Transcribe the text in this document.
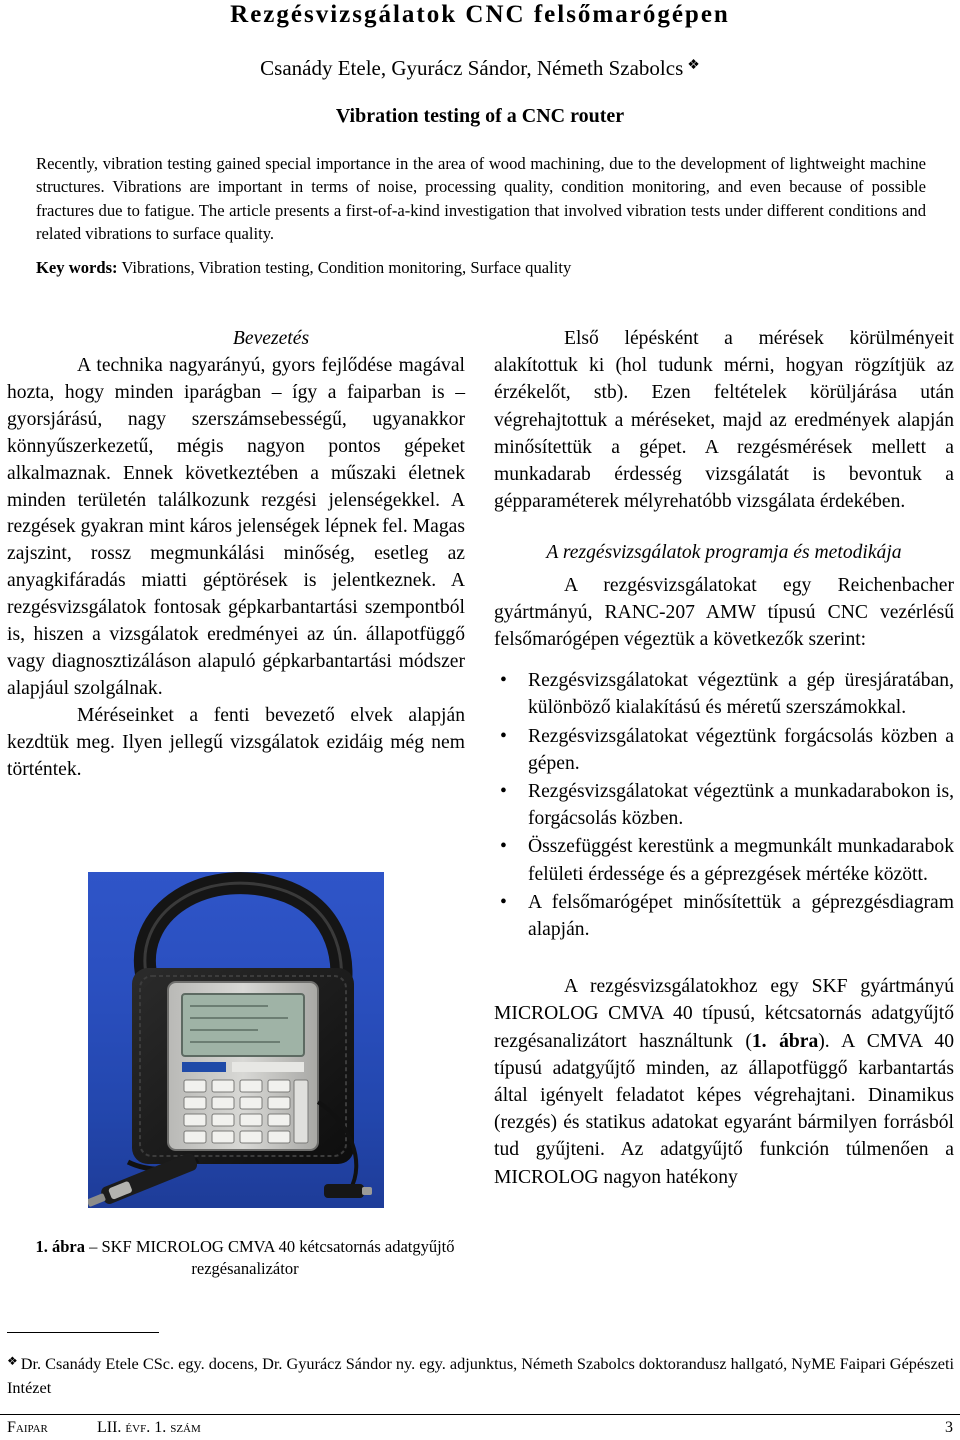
Rezgésvizsgálatok CNC felsőmarógépen
Csanády Etele, Gyurácz Sándor, Németh Szabolcs ❖
Vibration testing of a CNC router
Recently, vibration testing gained special importance in the area of wood machining, due to the development of lightweight machine structures. Vibrations are important in terms of noise, processing quality, condition monitoring, and even because of possible fractures due to fatigue. The article presents a first-of-a-kind investigation that involved vibration tests under different conditions and related vibrations to surface quality.
Key words: Vibrations, Vibration testing, Condition monitoring, Surface quality

Bevezetés

A technika nagyarányú, gyors fejlődése magával hozta, hogy minden iparágban – így a faiparban is – gyorsjárású, nagy szerszámsebességű, ugyanakkor könnyűszerkezetű, mégis nagyon pontos gépeket alkalmaznak. Ennek következtében a műszaki életnek minden területén találkozunk rezgési jelenségekkel. A rezgések gyakran mint káros jelenségek lépnek fel. Magas zajszint, rossz megmunkálási minőség, esetleg az anyagkifáradás miatti géptörések is jelentkeznek. A rezgésvizsgálatok fontosak gépkarbantartási szempontból is, hiszen a vizsgálatok eredményei az ún. állapotfüggő vagy diagnosztizáláson alapuló gépkarbantartási módszer alapjául szolgálnak.

Méréseinket a fenti bevezető elvek alapján kezdtük meg. Ilyen jellegű vizsgálatok ezidáig még nem történtek.

1. ábra – SKF MICROLOG CMVA 40 kétcsatornás adatgyűjtő rezgésanalizátor

Első lépésként a mérések körülményeit alakítottuk ki (hol tudunk mérni, hogyan rögzítjük az érzékelőt, stb). Ezen feltételek körüljárása után végrehajtottuk a méréseket, majd az eredmények alapján minősítettük a gépet. A rezgésmérések mellett a munkadarab érdesség vizsgálatát is bevontuk a gépparaméterek mélyrehatóbb vizsgálata érdekében.

A rezgésvizsgálatok programja és metodikája

A rezgésvizsgálatokat egy Reichenbacher gyártmányú, RANC-207 AMW típusú CNC vezérlésű felsőmarógépen végeztük a következők szerint:

• Rezgésvizsgálatokat végeztünk a gép üresjáratában, különböző kialakítású és méretű szerszámokkal.
• Rezgésvizsgálatokat végeztünk forgácsolás közben a gépen.
• Rezgésvizsgálatokat végeztünk a munkadarabokon is, forgácsolás közben.
• Összefüggést kerestünk a megmunkált munkadarabok felületi érdessége és a géprezgések mértéke között.
• A felsőmarógépet minősítettük a géprezgésdiagram alapján.

A rezgésvizsgálatokhoz egy SKF gyártmányú MICROLOG CMVA 40 típusú, kétcsatornás adatgyűjtő rezgésanalizátort használtunk (1. ábra). A CMVA 40 típusú adatgyűjtő minden, az állapotfüggő karbantartás által igényelt feladatot képes végrehajtani. Dinamikus (rezgés) és statikus adatokat egyaránt bármilyen forrásból tud gyűjteni. Az adatgyűjtő funkción túlmenően a MICROLOG nagyon hatékony

❖ Dr. Csanády Etele CSc. egy. docens, Dr. Gyurácz Sándor ny. egy. adjunktus, Németh Szabolcs doktorandusz hallgató, NyME Faipari Gépészeti Intézet
Faipar	LII. évf. 1. szám	3
